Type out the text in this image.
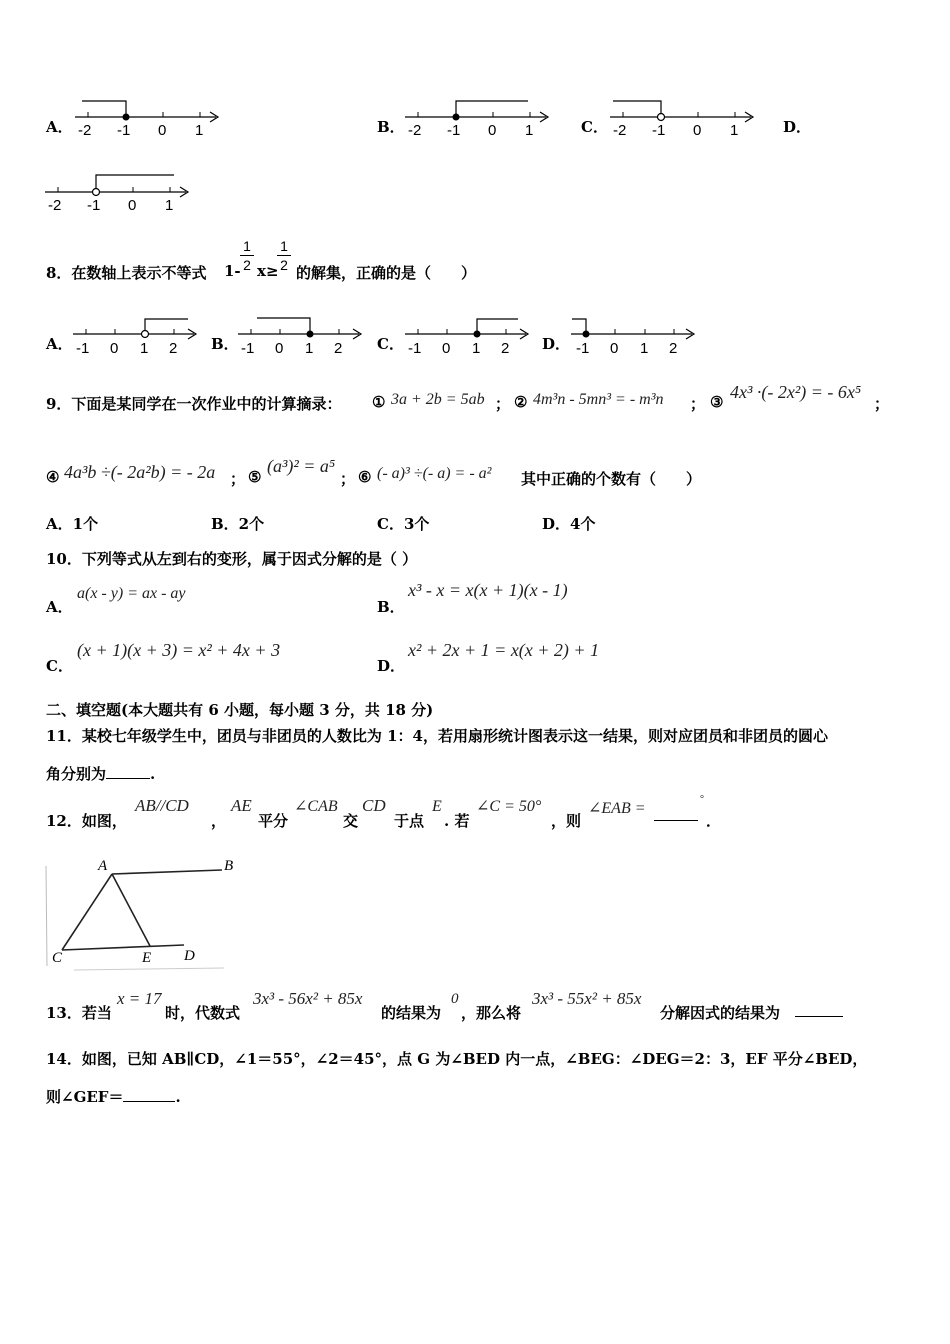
A． -2 -1 0 1	B． -2 -1 0 1	C． -2 -1 0 1	D．
-2 -1 0 1
8．在数轴上表示不等式 1-
1
2 x≥
1
2 的解集，正确的是（　　）
A． -1 0 1 2 B． -1 0 1 2 C． -1 0 1 2 D． -1 0 1 2
9．下面是某同学在一次作业中的计算摘录： ① 3a + 2b = 5ab ； ② 4m³n - 5mn³ = - m³n ； ③ 4x³ ·(- 2x²) = - 6x⁵
；
④ 4a³b ÷(- 2a²b) = - 2a ； ⑤
(a³)² = a⁵
； ⑥ (- a)³ ÷(- a) = - a² 其中正确的个数有（　　）
A．1个	B．2个	C．3个	D．4个
10．下列等式从左到右的变形，属于因式分解的是（ ）
A．
a(x - y) = ax - ay
B．
x³ - x = x(x + 1)(x - 1)
C．
(x + 1)(x + 3) = x² + 4x + 3
D．
x² + 2x + 1 = x(x + 2) + 1
二、填空题(本大题共有 6 小题，每小题 3 分，共 18 分)
11．某校七年级学生中，团员与非团员的人数比为 1：4，若用扇形统计图表示这一结果，则对应团员和非团员的圆心
角分别为	.
12．如图，
AB//CD
，
AE
平分
∠CAB
交
CD
于点
E
. 若
∠C = 50°
，则
∠EAB =
°
．
A	B
C	E D
13．若当
x = 17
时，代数式
3x³ - 56x² + 85x
的结果为
0
，那么将
3x³ - 55x² + 85x
分解因式的结果为
14．如图，已知 AB∥CD，∠1＝55°，∠2＝45°，点 G 为∠BED 内一点，∠BEG：∠DEG＝2：3，EF 平分∠BED，
则∠GEF＝	.
